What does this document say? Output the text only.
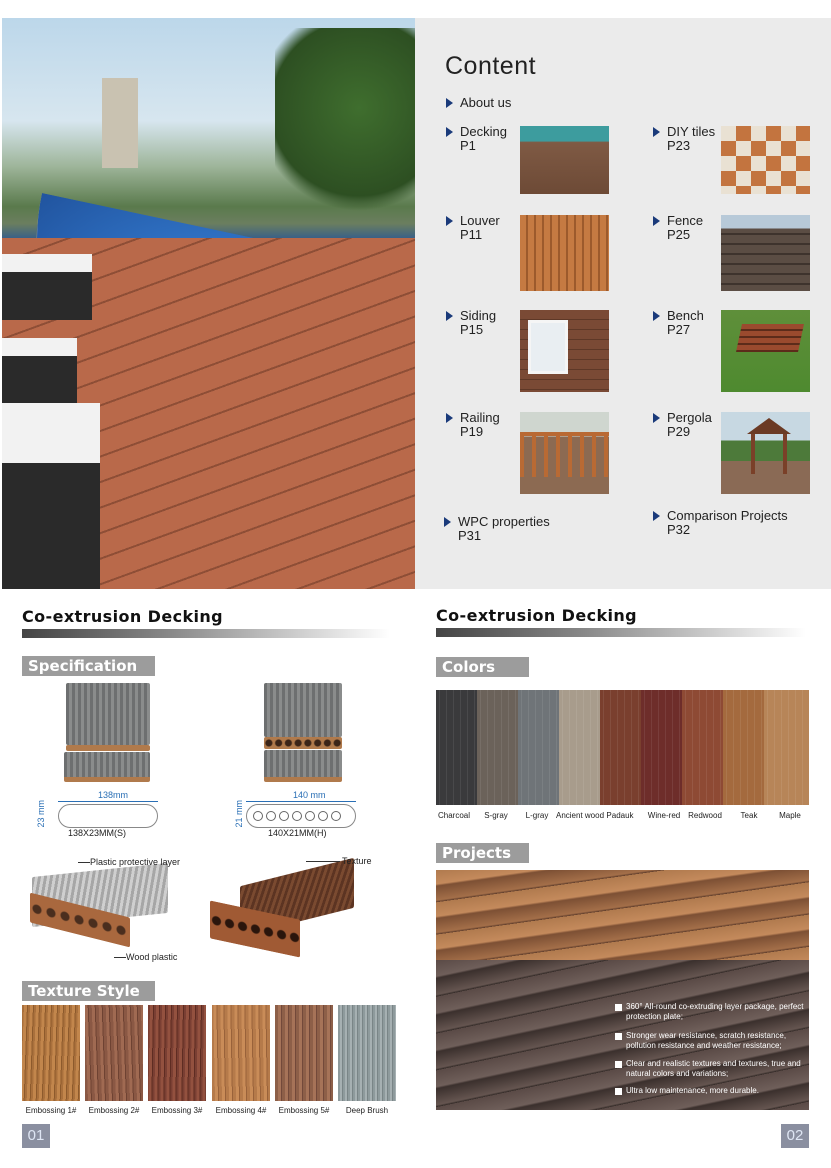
Content
About us
Decking
P1
DIY tiles
P23
Louver
P11
Fence
P25
Siding
P15
Bench
P27
Railing
P19
Pergola
P29
WPC properties
P31
Comparison Projects
P32
Co-extrusion Decking
Specification
138mm
23 mm
138X23MM(S)
140 mm
21 mm
140X21MM(H)
Plastic protective layer
Wood plastic
Texture
Texture Style
Embossing 1#	Embossing 2#	Embossing 3#	Embossing 4#	Embossing 5#	Deep Brush
01
Co-extrusion Decking
Colors
Charcoal	S-gray	L-gray Ancient wood Padauk	Wine-red Redwood	Teak	Maple
Projects
360° All-round co-extruding layer package, perfect protection plate;
Stronger wear resistance, scratch resistance, pollution resistance and weather resistance;
Clear and realistic textures and textures, true and natural colors and variations;
Ultra low maintenance, more durable.
02
